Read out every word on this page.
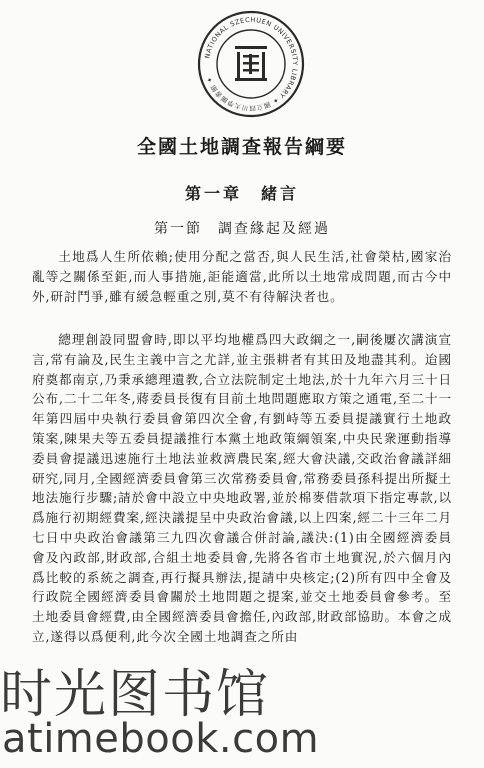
NATIONAL SZECHUEN UNIVERSITY LIBRARY ✦ 國立四川大學圖書館 ✦
全國土地調查報告綱要
第一章　緒言
第一節　調查緣起及經過
土地爲人生所依賴;使用分配之當否,與人民生活,社會榮枯,國家治亂等之關係至鉅,而人事措施,詎能適當,此所以土地常成問題,而古今中外,研討鬥爭,雖有緩急輕重之別,莫不有待解決者也。
總理創設同盟會時,即以平均地權爲四大政綱之一,嗣後屢次講演宣言,常有論及,民生主義中言之尤詳,並主張耕者有其田及地盡其利。迨國府奠都南京,乃秉承總理遺教,合立法院制定土地法,於十九年六月三十日公布,二十二年冬,蔣委員長復有目前土地問題應取方策之通電,至二十一年第四屆中央執行委員會第四次全會,有劉峙等五委員提議實行土地政策案,陳果夫等五委員提議推行本黨土地政策綱領案,中央民衆運動指導委員會提議迅速施行土地法並救濟農民案,經大會決議,交政治會議詳細研究,同月,全國經濟委員會第三次常務委員會,常務委員孫科提出所擬土地法施行步驟;請於會中設立中央地政署,並於棉麥借款項下指定專款,以爲施行初期經費案,經決議提呈中央政治會議,以上四案,經二十三年二月七日中央政治會議第三九四次會議合併討論,議決:(1)由全國經濟委員會及內政部,財政部,合組土地委員會,先將各省市土地實況,於六個月內爲比較的系統之調查,再行擬具辦法,提請中央核定;(2)所有四中全會及行政院全國經濟委員會關於土地問題之提案,並交土地委員會參考。至土地委員會經費,由全國經濟委員會擔任,內政部,財政部協助。本會之成立,遂得以爲便利,此今次全國土地調查之所由
时光图书馆
atimebook.com
